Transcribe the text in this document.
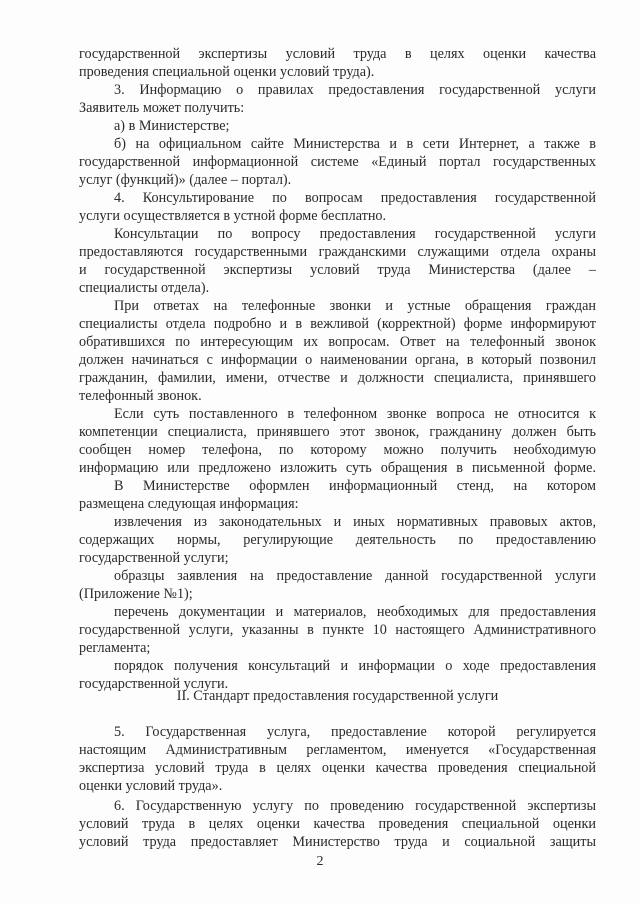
государственной экспертизы условий труда в целях оценки качества
проведения специальной оценки условий труда).
3. Информацию о правилах предоставления государственной услуги
Заявитель может получить:
а) в Министерстве;
б) на официальном сайте Министерства и в сети Интернет, а также в
государственной информационной системе «Единый портал государственных
услуг (функций)» (далее – портал).
4. Консультирование по вопросам предоставления государственной
услуги осуществляется в устной форме бесплатно.
Консультации по вопросу предоставления государственной услуги
предоставляются государственными гражданскими служащими отдела охраны
и государственной экспертизы условий труда Министерства (далее –
специалисты отдела).
При ответах на телефонные звонки и устные обращения граждан
специалисты отдела подробно и в вежливой (корректной) форме информируют
обратившихся по интересующим их вопросам. Ответ на телефонный звонок
должен начинаться с информации о наименовании органа, в который позвонил
гражданин, фамилии, имени, отчестве и должности специалиста, принявшего
телефонный звонок.
Если суть поставленного в телефонном звонке вопроса не относится к
компетенции специалиста, принявшего этот звонок, гражданину должен быть
сообщен номер телефона, по которому можно получить необходимую
информацию или предложено изложить суть обращения в письменной форме.
В Министерстве оформлен информационный стенд, на котором
размещена следующая информация:
извлечения из законодательных и иных нормативных правовых актов,
содержащих нормы, регулирующие деятельность по предоставлению
государственной услуги;
образцы заявления на предоставление данной государственной услуги
(Приложение №1);
перечень документации и материалов, необходимых для предоставления
государственной услуги, указанны в пункте 10 настоящего Административного
регламента;
порядок получения консультаций и информации о ходе предоставления
государственной услуги.
II. Стандарт предоставления государственной услуги
5. Государственная услуга, предоставление которой регулируется
настоящим Административным регламентом, именуется «Государственная
экспертиза условий труда в целях оценки качества проведения специальной
оценки условий труда».
6. Государственную услугу по проведению государственной экспертизы
условий труда в целях оценки качества проведения специальной оценки
условий труда предоставляет Министерство труда и социальной защиты
2
